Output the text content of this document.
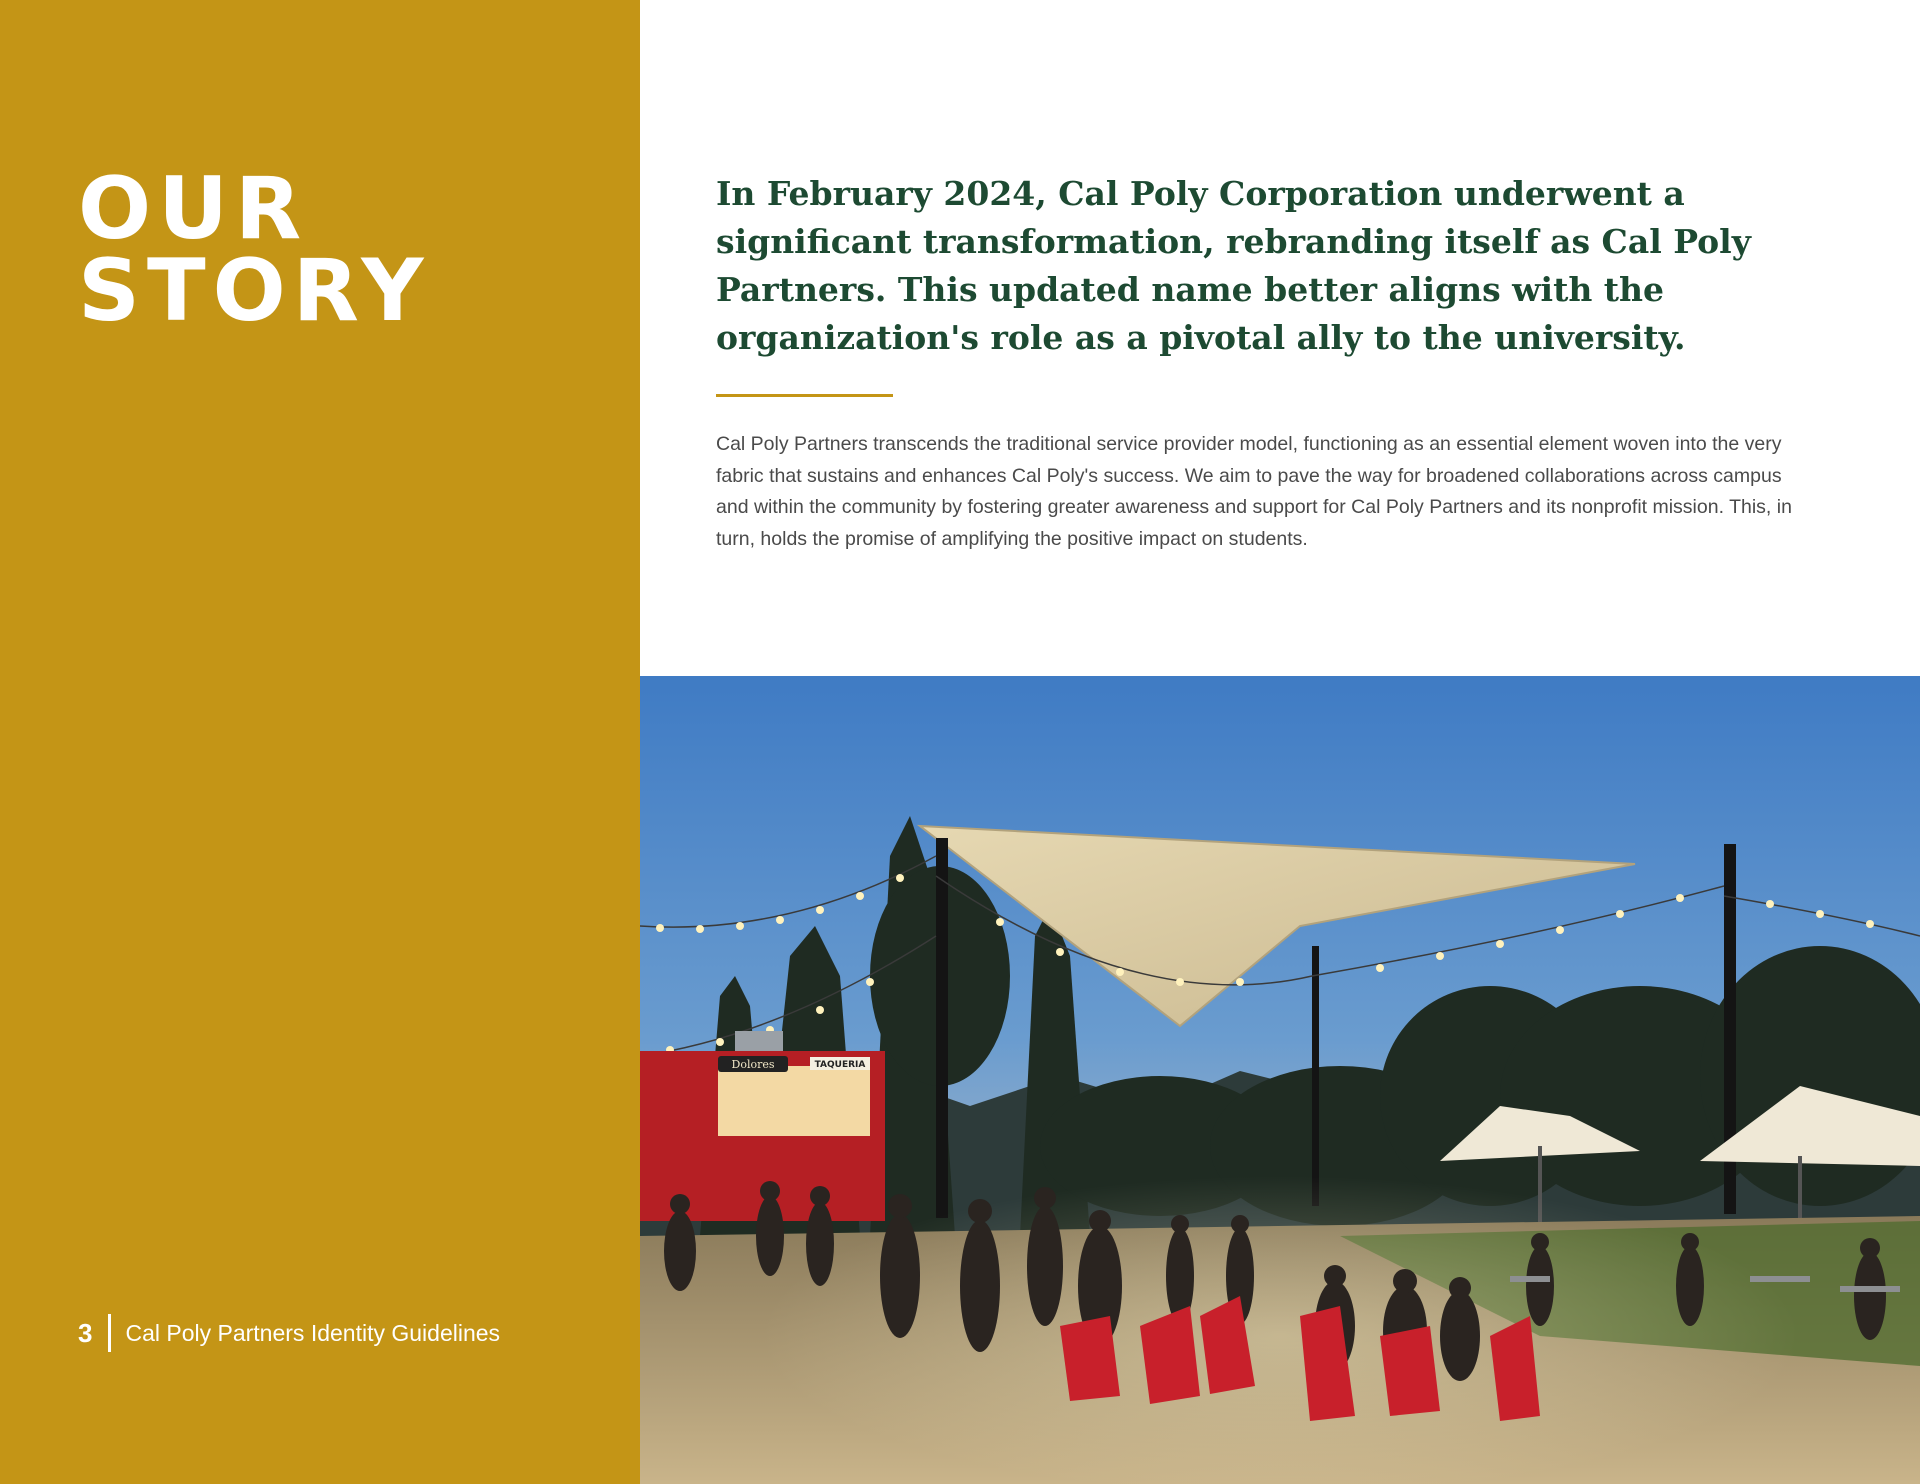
OUR
STORY
3 Cal Poly Partners Identity Guidelines

In February 2024, Cal Poly Corporation underwent a significant transformation, rebranding itself as Cal Poly Partners. This updated name better aligns with the organization's role as a pivotal ally to the university.

Cal Poly Partners transcends the traditional service provider model, functioning as an essential element woven into the very fabric that sustains and enhances Cal Poly's success. We aim to pave the way for broadened collaborations across campus and within the community by fostering greater awareness and support for Cal Poly Partners and its nonprofit mission. This, in turn, holds the promise of amplifying the positive impact on students.

Dolores	TAQUERIA
